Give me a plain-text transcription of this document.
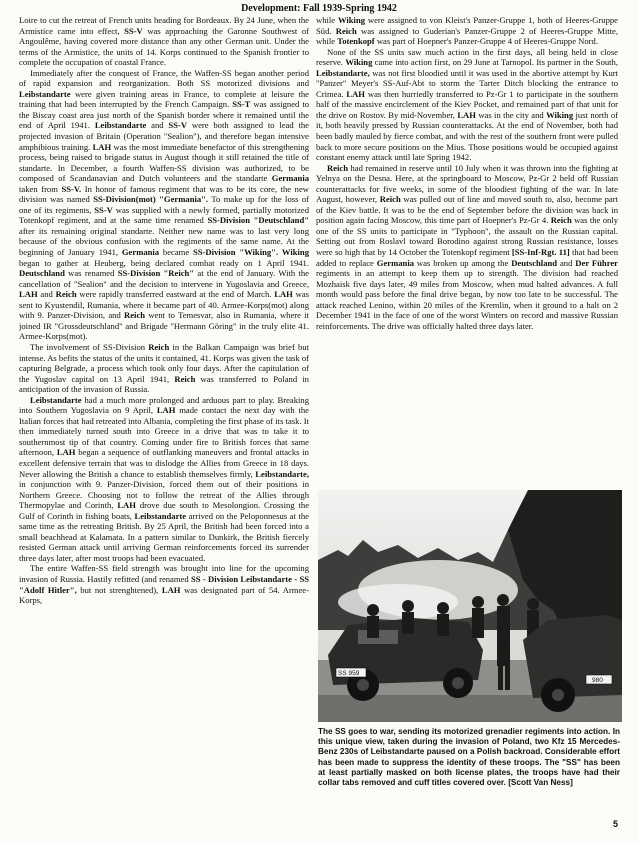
Development: Fall 1939-Spring 1942

Loire to cut the retreat of French units heading for Bordeaux. By 24 June, when the Armistice came into effect, SS-V was approaching the Garonne Southwest of Angoulême, having covered more distance than any other German unit. Under the terms of the Armistice, the units of 14. Korps continued to the Spanish frontier to complete the occupation of coastal France.

Immediately after the conquest of France, the Waffen-SS began another period of rapid expansion and reorganization. Both SS motorized divisions and Leibstandarte were given training areas in France, to complete at leisure the training that had been interrupted by the French Campaign. SS-T was assigned to the Biscay coast area just north of the Spanish border where it remained until the end of April 1941. Leibstandarte and SS-V were both assigned to lead the projected invasion of Britain (Operation "Sealion"), and therefore began intensive amphibious training. LAH was the most immediate benefactor of this strengthening process, being raised to brigade status in August though it still retained the title of standarte. In December, a fourth Waffen-SS division was authorized, to be composed of Scandanavian and Dutch volunteers and the standarte Germania taken from SS-V. In honor of famous regiment that was to be its core, the new division was named SS-Division(mot) "Germania". To make up for the loss of one of its regiments, SS-V was supplied with a newly formed, partially motorized Totenkopf regiment, and at the same time renamed SS-Division "Deutschland" after its remaining original standarte. Neither new name was to last very long because of the obvious confusion with the regiments of the same name. At the beginning of January 1941, Germania became SS-Division "Wiking". Wiking began to gather at Heuberg, being declared combat ready on 1 April 1941. Deutschland was renamed SS-Division "Reich" at the end of January. With the cancellation of "Sealion" and the decision to intervene in Yugoslavia and Greece, LAH and Reich were rapidly transferred eastward at the end of March. LAH was sent to Kyustendil, Rumania, where it became part of 40. Armee-Korps(mot) along with 9. Panzer-Division, and Reich went to Temesvar, also in Rumania, where it joined IR "Grossdeutschland" and Brigade "Hermann Göring" in the truly elite 41. Armee-Korps(mot).

The involvement of SS-Division Reich in the Balkan Campaign was brief but intense. As befits the status of the units it contained, 41. Korps was given the task of capturing Belgrade, a process which took only four days. After the capitulation of the Yugoslav capital on 13 April 1941, Reich was transferred to Poland in anticipation of the invasion of Russia.

Leibstandarte had a much more prolonged and arduous part to play. Breaking into Southern Yugoslavia on 9 April, LAH made contact the next day with the Italian forces that had retreated into Albania, completing the first phase of its task. It then immediately turned south into Greece in a drive that was to take it to southernmost tip of that country. Coming under fire to British forces that same afternoon, LAH began a sequence of outflanking maneuvers and frontal attacks in excellent defensive terrain that was to dislodge the Allies from Greece in 18 days. Never allowing the British a chance to establish themselves firmly, Leibstandarte, in conjunction with 9. Panzer-Division, forced them out of their positions in Northern Greece. Choosing not to follow the retreat of the Allies through Thermopylae and Corinth, LAH drove due south to Mesolongion. Crossing the Gulf of Corinth in fishing boats, Leibstandarte arrived on the Peloponnesus at the same time as the retreating British. By 25 April, the British had been forced into a small beachhead at Kalamata. In a pattern similar to Dunkirk, the British fiercely resisted German attack until arriving German reinforcements forced its surrender three days later, after most troops had been evacuated.

The entire Waffen-SS field strength was brought into line for the upcoming invasion of Russia. Hastily refitted (and renamed SS - Division Leibstandarte - SS "Adolf Hitler", but not strenghtened), LAH was designated part of 54. Armee-Korps,

while Wiking were assigned to von Kleist's Panzer-Gruppe 1, both of Heeres-Gruppe Süd. Reich was assigned to Guderian's Panzer-Gruppe 2 of Heeres-Gruppe Mitte, while Totenkopf was part of Hoepner's Panzer-Gruppe 4 of Heeres-Gruppe Nord.

None of the SS units saw much action in the first days, all being held in close reserve. Wiking came into action first, on 29 June at Tarnopol. Its partner in the South, Leibstandarte, was not first bloodied until it was used in the abortive attempt by Kurt "Panzer" Meyer's SS-Auf-Abt to storm the Tarter Ditch blocking the entrance to Crimea. LAH was then hurriedly transferred to Pz-Gr 1 to participate in the southern half of the massive encirclement of the Kiev Pocket, and remained part of that unit for the drive on Rostov. By mid-November, LAH was in the city and Wiking just north of it, both heavily pressed by Russian counterattacks. At the end of November, both had been badly mauled by fierce combat, and with the rest of the southern front were pulled back to more secure positions on the Mius. Those positions would be occupied against constant enemy attack until late Spring 1942.

Reich had remained in reserve until 10 July when it was thrown into the fighting at Yelnya on the Desna. Here, at the springboard to Moscow, Pz-Gr 2 held off Russian counterattacks for five weeks, in some of the bloodiest fighting of the war. In late August, however, Reich was pulled out of line and moved south to, also, become part of the Kiev battle. It was to be the end of September before the division was back in position again facing Moscow, this time part of Hoepner's Pz-Gr 4. Reich was the only one of the SS units to participate in "Typhoon", the assault on the Russian capital. Setting out from Roslavl toward Borodino against strong Russian resistance, losses were so high that by 14 October the Totenkopf regiment [SS-Inf-Rgt. 11] that had been added to replace Germania was broken up among the Deutschland and Der Führer regiments in an attempt to keep them up to strength. The division had reached Mozhaisk five days later, 49 miles from Moscow, when mud halted advances. A full month would pass before the final drive began, by now too late to be successful. The attack reached Lenino, within 20 miles of the Kremlin, when it ground to a halt on 2 December 1941 in the face of one of the worst Winters on record and massive Russian reinforcements. The drive was officially halted three days later.

SS 959
980
The SS goes to war, sending its motorized grenadier regiments into action. In this unique view, taken during the invasion of Poland, two Kfz 15 Mercedes-Benz 230s of Leibstandarte paused on a Polish backroad. Considerable effort has been made to suppress the identity of these troops. The "SS" has been at least partially masked on both license plates, the troops have had their collar tabs removed and cuff titles covered over. [Scott Van Ness]
5
